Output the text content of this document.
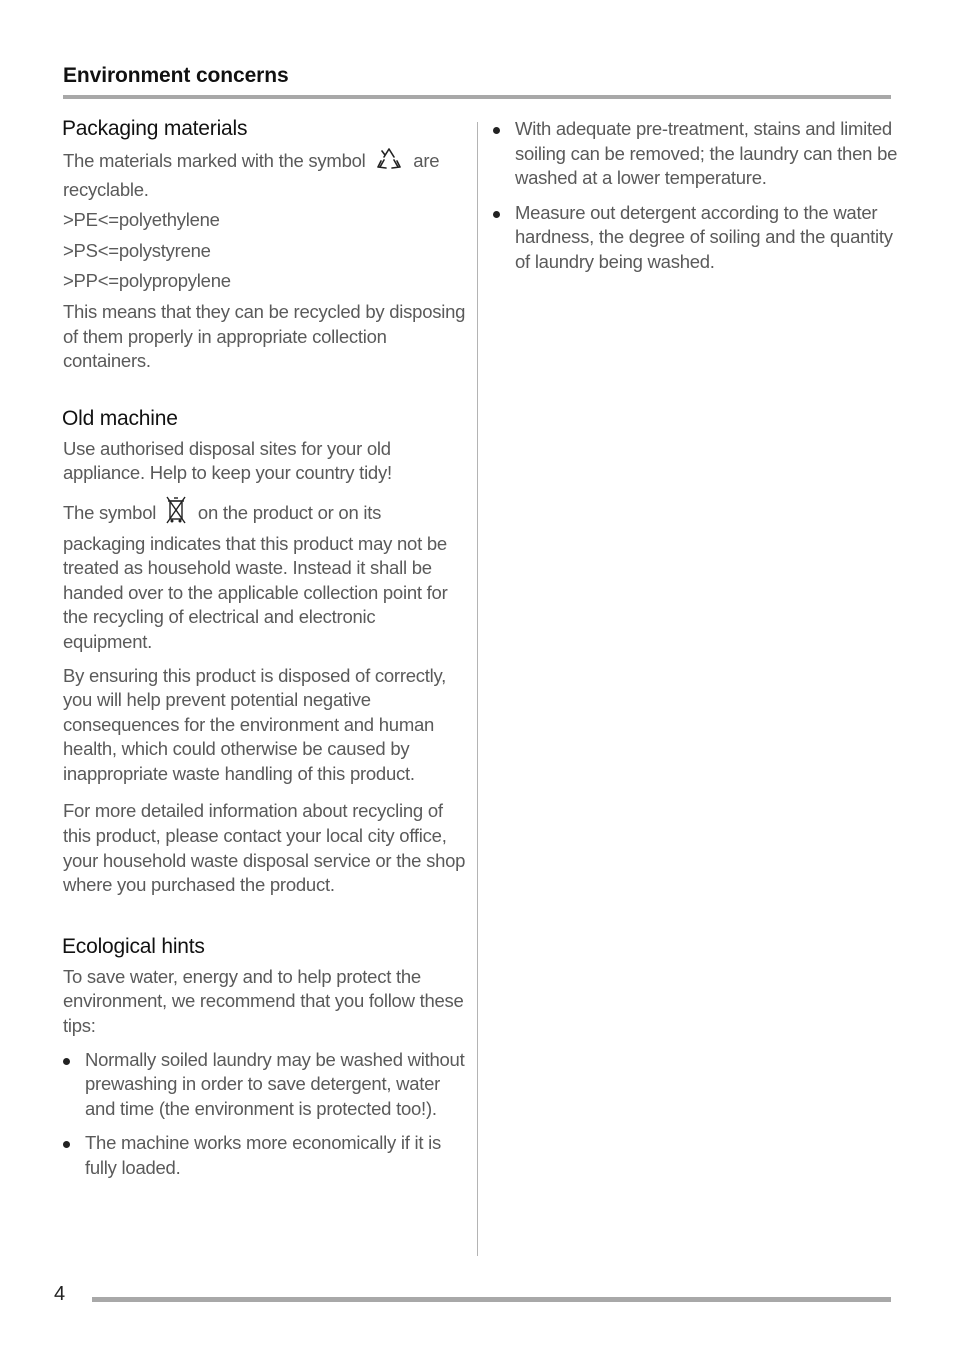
Environment concerns
Packaging materials

The materials marked with the symbol  are recyclable.

>PE<=polyethylene

>PS<=polystyrene

>PP<=polypropylene

This means that they can be recycled by disposing of them properly in appropriate collection containers.

Old machine

Use authorised disposal sites for your old appliance. Help to keep your country tidy!

The symbol  on the product or on its packaging indicates that this product may not be treated as household waste. Instead it shall be handed over to the applicable collection point for the recycling of electrical and electronic equipment.

By ensuring this product is disposed of correctly, you will help prevent potential negative consequences for the environment and human health, which could otherwise be caused by inappropriate waste handling of this product.

For more detailed information about recycling of this product, please contact your local city office, your household waste disposal service or the shop where you purchased the product.

Ecological hints

To save water, energy and to help protect the environment, we recommend that you follow these tips:

Normally soiled laundry may be washed without prewashing in order to save detergent, water and time (the environment is protected too!).
The machine works more economically if it is fully loaded.
With adequate pre-treatment, stains and limited soiling can be removed; the laundry can then be washed at a lower temperature.
Measure out detergent according to the water hardness, the degree of soiling and the quantity of laundry being washed.
4
